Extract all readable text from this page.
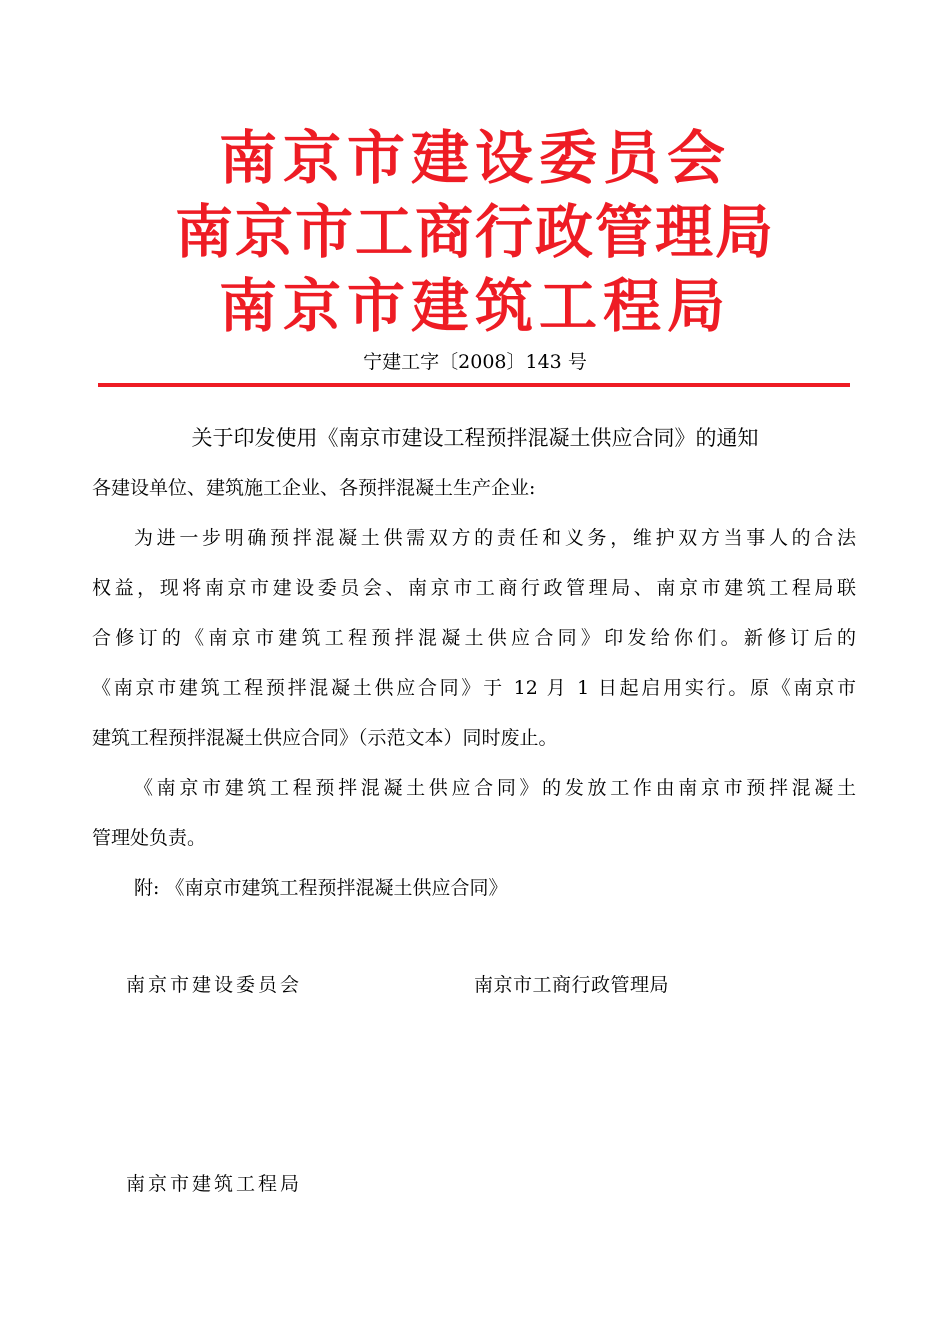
南京市建设委员会
南京市工商行政管理局
南京市建筑工程局
宁建工字〔2008〕143 号
关于印发使用《南京市建设工程预拌混凝土供应合同》的通知
各建设单位、建筑施工企业、各预拌混凝土生产企业:
为进一步明确预拌混凝土供需双方的责任和义务，维护双方当事人的合法
权益，现将南京市建设委员会、南京市工商行政管理局、南京市建筑工程局联
合修订的《南京市建筑工程预拌混凝土供应合同》印发给你们。新修订后的
《南京市建筑工程预拌混凝土供应合同》于 12 月 1 日起启用实行。原《南京市
建筑工程预拌混凝土供应合同》（示范文本）同时废止。
《南京市建筑工程预拌混凝土供应合同》的发放工作由南京市预拌混凝土
管理处负责。
附: 《南京市建筑工程预拌混凝土供应合同》
南京市建设委员会	南京市工商行政管理局
南京市建筑工程局
